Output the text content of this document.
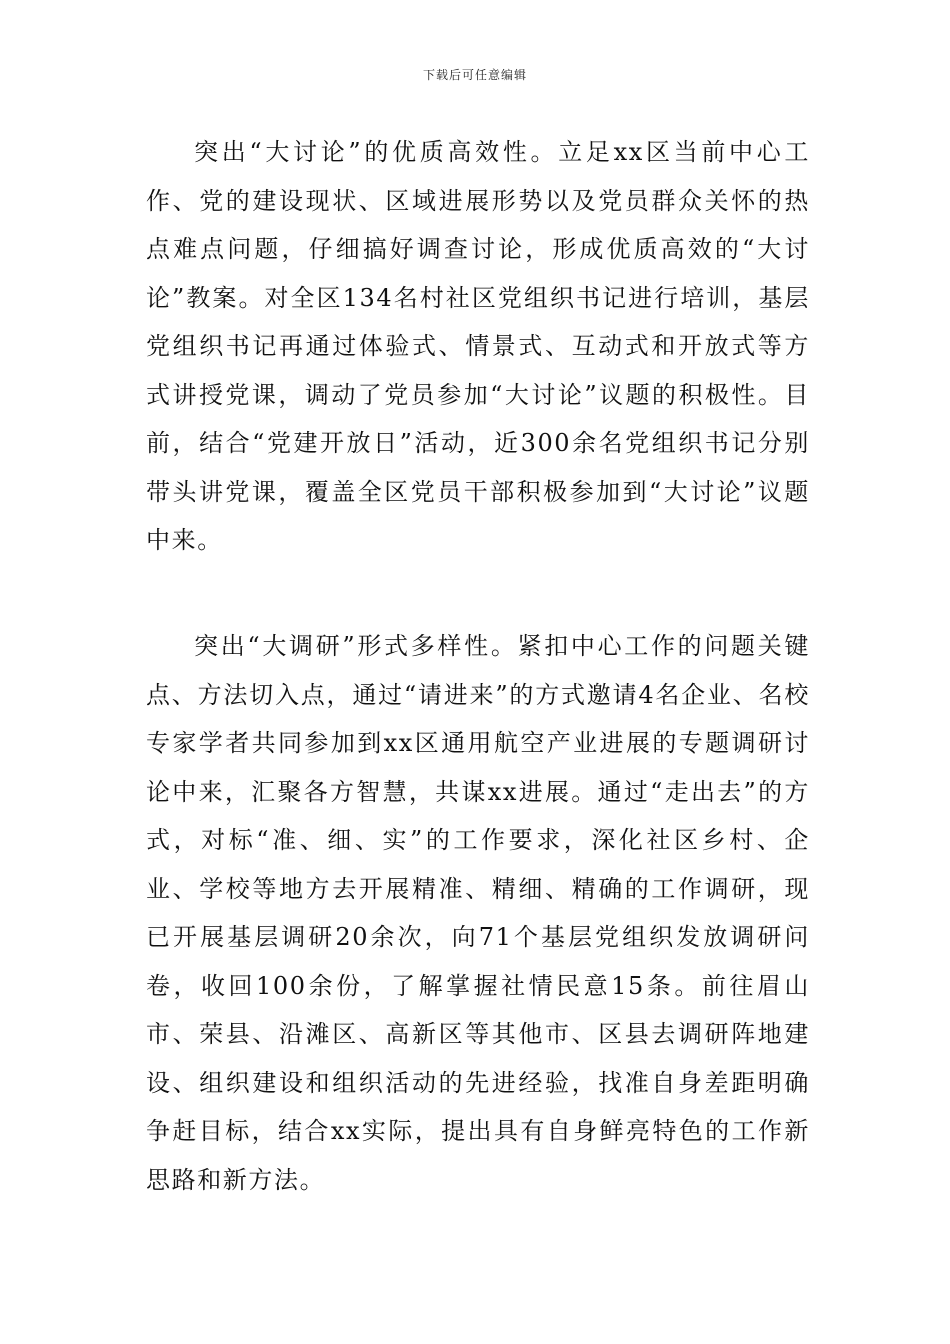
下载后可任意编辑

突出“大讨论”的优质高效性。立足xx区当前中心工作、党的建设现状、区域进展形势以及党员群众关怀的热点难点问题，仔细搞好调查讨论，形成优质高效的“大讨论”教案。对全区134名村社区党组织书记进行培训，基层党组织书记再通过体验式、情景式、互动式和开放式等方式讲授党课，调动了党员参加“大讨论”议题的积极性。目前，结合“党建开放日”活动，近300余名党组织书记分别带头讲党课，覆盖全区党员干部积极参加到“大讨论”议题中来。

突出“大调研”形式多样性。紧扣中心工作的问题关键点、方法切入点，通过“请进来”的方式邀请4名企业、名校专家学者共同参加到xx区通用航空产业进展的专题调研讨论中来，汇聚各方智慧，共谋xx进展。通过“走出去”的方式，对标“准、细、实”的工作要求，深化社区乡村、企业、学校等地方去开展精准、精细、精确的工作调研，现已开展基层调研20余次，向71个基层党组织发放调研问卷，收回100余份，了解掌握社情民意15条。前往眉山市、荣县、沿滩区、高新区等其他市、区县去调研阵地建设、组织建设和组织活动的先进经验，找准自身差距明确争赶目标，结合xx实际，提出具有自身鲜亮特色的工作新思路和新方法。
